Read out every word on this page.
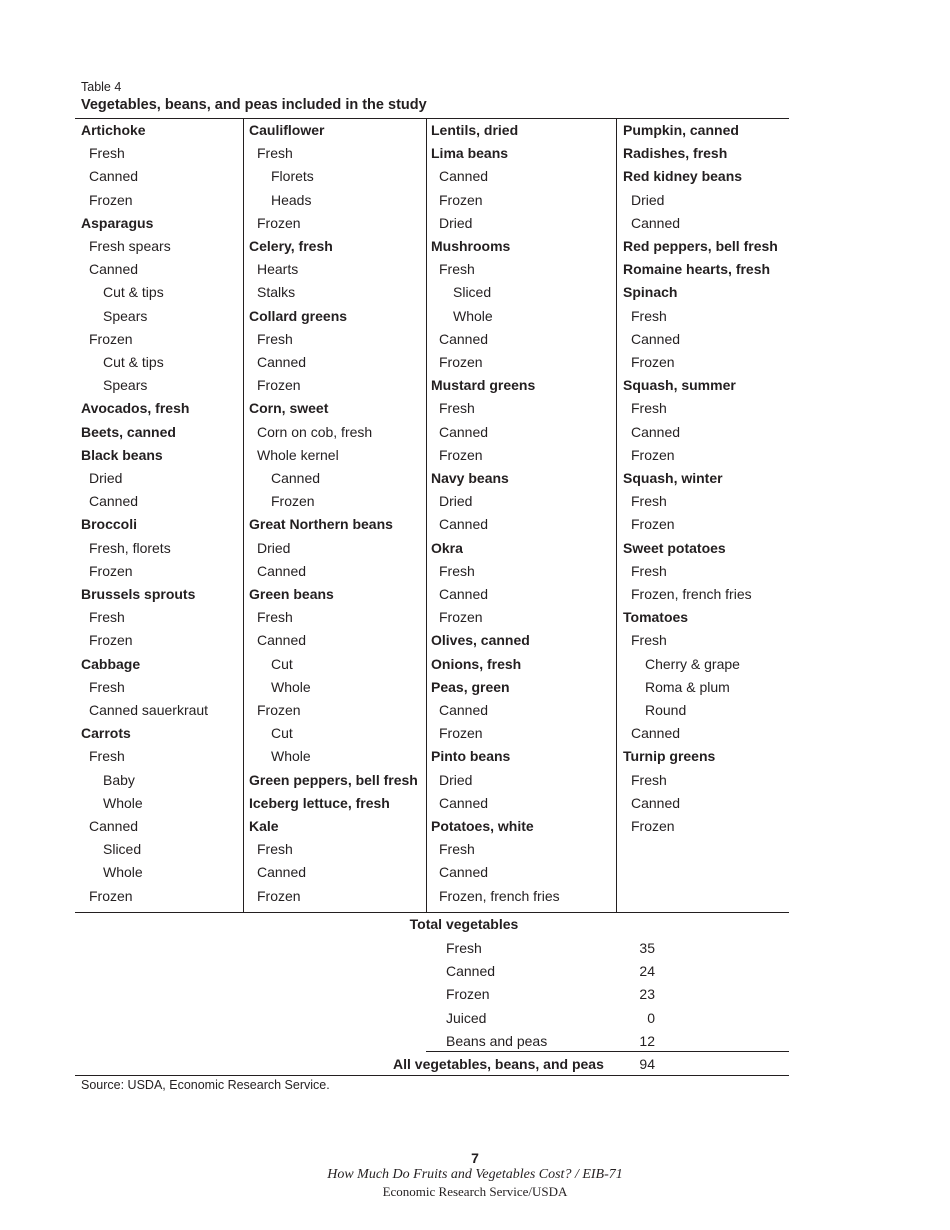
Table 4
Vegetables, beans, and peas included in the study
Artichoke
Fresh
Canned
Frozen
Asparagus
Fresh spears
Canned
Cut & tips
Spears
Frozen
Cut & tips
Spears
Avocados, fresh
Beets, canned
Black beans
Dried
Canned
Broccoli
Fresh, florets
Frozen
Brussels sprouts
Fresh
Frozen
Cabbage
Fresh
Canned sauerkraut
Carrots
Fresh
Baby
Whole
Canned
Sliced
Whole
Frozen
Cauliflower
Fresh
Florets
Heads
Frozen
Celery, fresh
Hearts
Stalks
Collard greens
Fresh
Canned
Frozen
Corn, sweet
Corn on cob, fresh
Whole kernel
Canned
Frozen
Great Northern beans
Dried
Canned
Green beans
Fresh
Canned
Cut
Whole
Frozen
Cut
Whole
Green peppers, bell fresh
Iceberg lettuce, fresh
Kale
Fresh
Canned
Frozen
Lentils, dried
Lima beans
Canned
Frozen
Dried
Mushrooms
Fresh
Sliced
Whole
Canned
Frozen
Mustard greens
Fresh
Canned
Frozen
Navy beans
Dried
Canned
Okra
Fresh
Canned
Frozen
Olives, canned
Onions, fresh
Peas, green
Canned
Frozen
Pinto beans
Dried
Canned
Potatoes, white
Fresh
Canned
Frozen, french fries
Pumpkin, canned
Radishes, fresh
Red kidney beans
Dried
Canned
Red peppers, bell fresh
Romaine hearts, fresh
Spinach
Fresh
Canned
Frozen
Squash, summer
Fresh
Canned
Frozen
Squash, winter
Fresh
Frozen
Sweet potatoes
Fresh
Frozen, french fries
Tomatoes
Fresh
Cherry & grape
Roma & plum
Round
Canned
Turnip greens
Fresh
Canned
Frozen
Total vegetables
Fresh	35
Canned	24
Frozen	23
Juiced	0
Beans and peas	12
All vegetables, beans, and peas	94
Source: USDA, Economic Research Service.
7
How Much Do Fruits and Vegetables Cost? / EIB-71
Economic Research Service/USDA
